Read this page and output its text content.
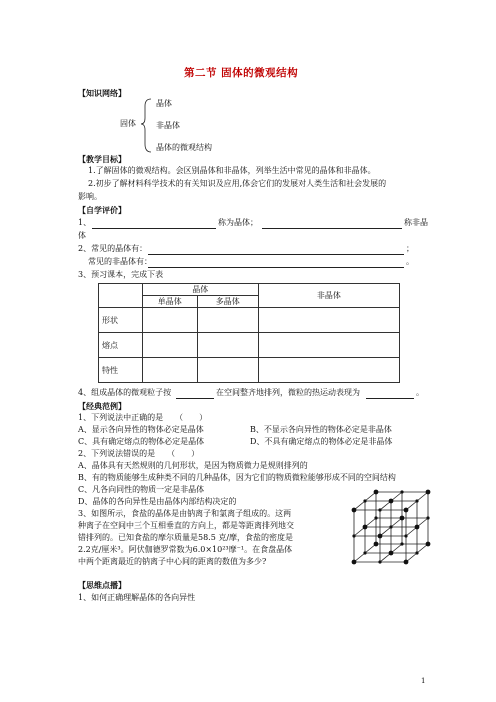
第二节 固体的微观结构
【知识网络】
固体
晶体
非晶体
晶体的微观结构
【教学目标】
1.了解固体的微观结构。会区别晶体和非晶体，列举生活中常见的晶体和非晶体。
2.初步了解材料科学技术的有关知识及应用,体会它们的发展对人类生活和社会发展的
影响。
【自学评价】
1、	称为晶体；	称非晶
体
2、常见的晶体有：	；
常见的非晶体有：	。
3、预习课本，完成下表
	晶体		非晶体
	单晶体	多晶体	
形状			
熔点			
特性			
4、组成晶体的微观粒子按	在空间整齐地排列，微粒的热运动表现为	。
【经典范例】
1、下列说法中正确的是　　（　　）
A、显示各向异性的物体必定是晶体	B、不显示各向异性的物体必定是非晶体
C、具有确定熔点的物体必定是晶体	D、不具有确定熔点的物体必定是非晶体
2、下列说法错误的是　　（　　）
A、晶体具有天然规则的几何形状，是因为物质微力是规则排列的
B、有的物质能够生成种类不同的几种晶体，因为它们的物质微粒能够形成不同的空间结构
C、凡各向同性的物质一定是非晶体
D、晶体的各向异性是由晶体内部结构决定的
3、如图所示，食盐的晶体是由钠离子和氯离子组成的。这两
种离子在空间中三个互相垂直的方向上，都是等距离排列地交
错排列的。已知食盐的摩尔质量是58.5 克/摩，食盐的密度是
2.2克/厘米³。阿伏伽德罗常数为6.0×10²³摩⁻¹。在食盘晶体
中两个距离最近的钠离子中心间的距离的数值为多少?
【思维点播】
1、如何正确理解晶体的各向异性
1
